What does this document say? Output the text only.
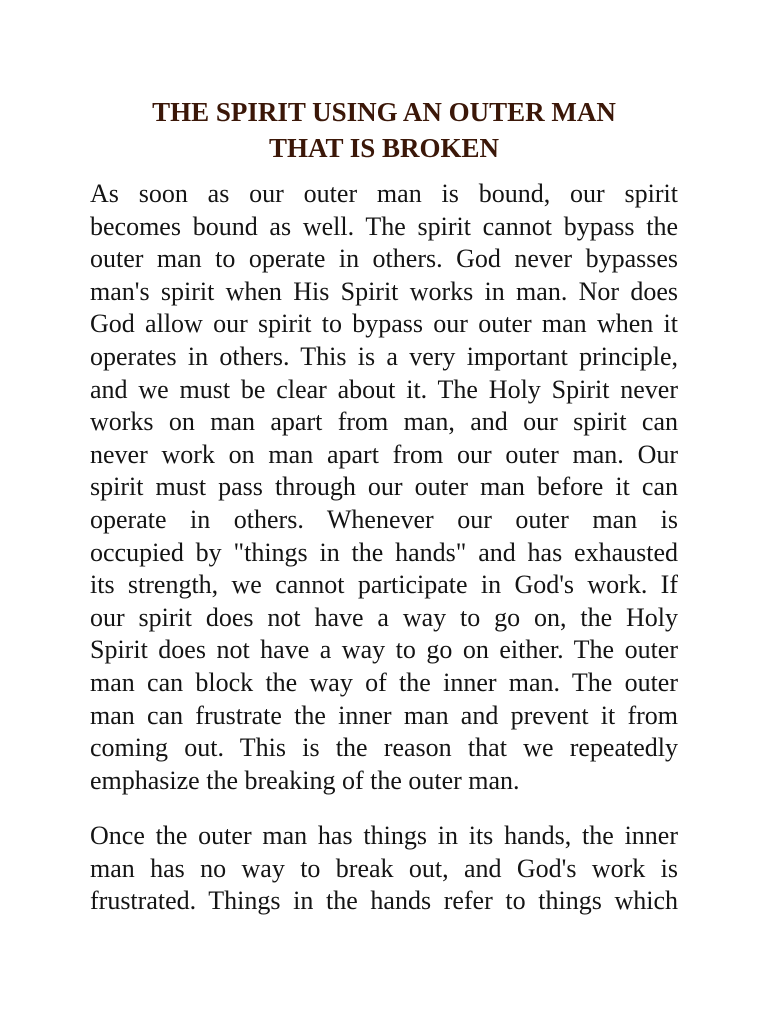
THE SPIRIT USING AN OUTER MAN
THAT IS BROKEN
As soon as our outer man is bound, our spirit
becomes bound as well. The spirit cannot bypass the
outer man to operate in others. God never bypasses
man's spirit when His Spirit works in man. Nor does
God allow our spirit to bypass our outer man when it
operates in others. This is a very important principle,
and we must be clear about it. The Holy Spirit never
works on man apart from man, and our spirit can
never work on man apart from our outer man. Our
spirit must pass through our outer man before it can
operate in others. Whenever our outer man is
occupied by "things in the hands" and has exhausted
its strength, we cannot participate in God's work. If
our spirit does not have a way to go on, the Holy
Spirit does not have a way to go on either. The outer
man can block the way of the inner man. The outer
man can frustrate the inner man and prevent it from
coming out. This is the reason that we repeatedly
emphasize the breaking of the outer man.
Once the outer man has things in its hands, the inner
man has no way to break out, and God's work is
frustrated. Things in the hands refer to things which
